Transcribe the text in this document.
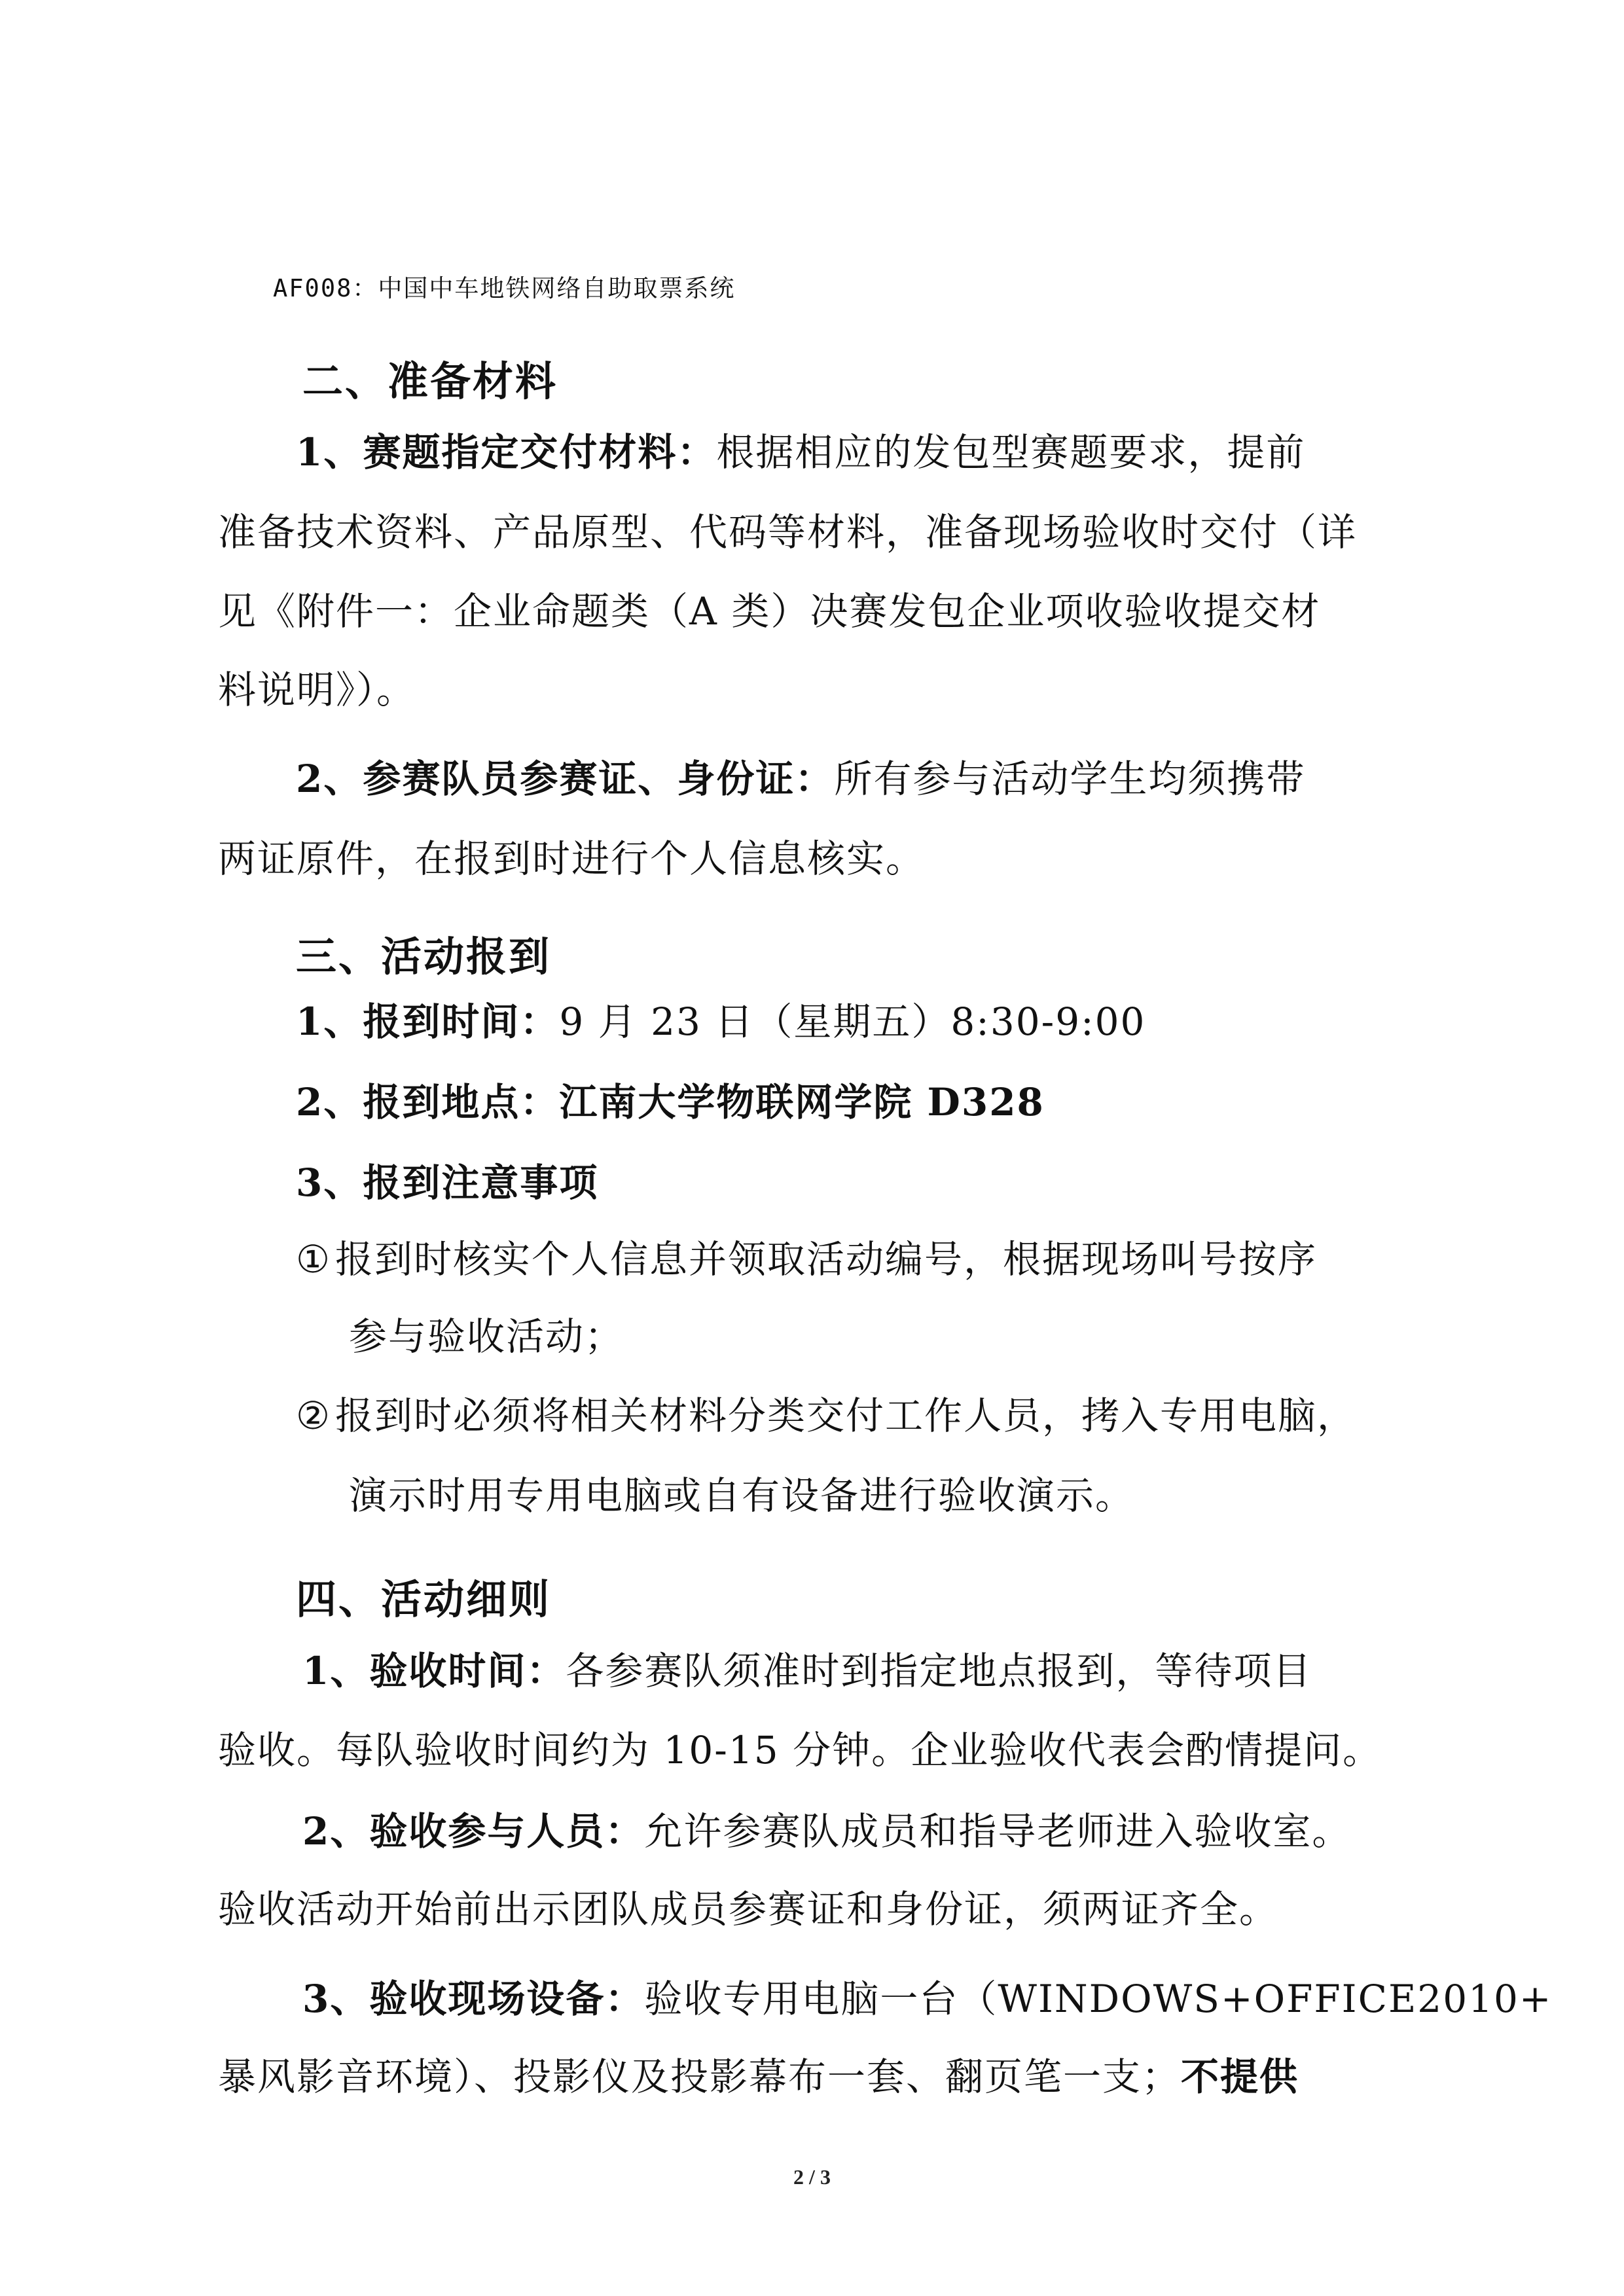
AF008：中国中车地铁网络自助取票系统
二、准备材料
1、赛题指定交付材料：根据相应的发包型赛题要求，提前
准备技术资料、产品原型、代码等材料，准备现场验收时交付（详
见《附件一：企业命题类（A 类）决赛发包企业项收验收提交材
料说明》）。
2、参赛队员参赛证、身份证：所有参与活动学生均须携带
两证原件，在报到时进行个人信息核实。
三、活动报到
1、报到时间：9 月 23 日（星期五）8:30-9:00
2、报到地点：江南大学物联网学院 D328
3、报到注意事项
① 报到时核实个人信息并领取活动编号，根据现场叫号按序
参与验收活动；
② 报到时必须将相关材料分类交付工作人员，拷入专用电脑，
演示时用专用电脑或自有设备进行验收演示。
四、活动细则
1、验收时间：各参赛队须准时到指定地点报到，等待项目
验收。每队验收时间约为 10-15 分钟。企业验收代表会酌情提问。
2、验收参与人员：允许参赛队成员和指导老师进入验收室。
验收活动开始前出示团队成员参赛证和身份证，须两证齐全。
3、验收现场设备：验收专用电脑一台（WINDOWS+OFFICE2010+
暴风影音环境）、投影仪及投影幕布一套、翻页笔一支；不提供
2 / 3
